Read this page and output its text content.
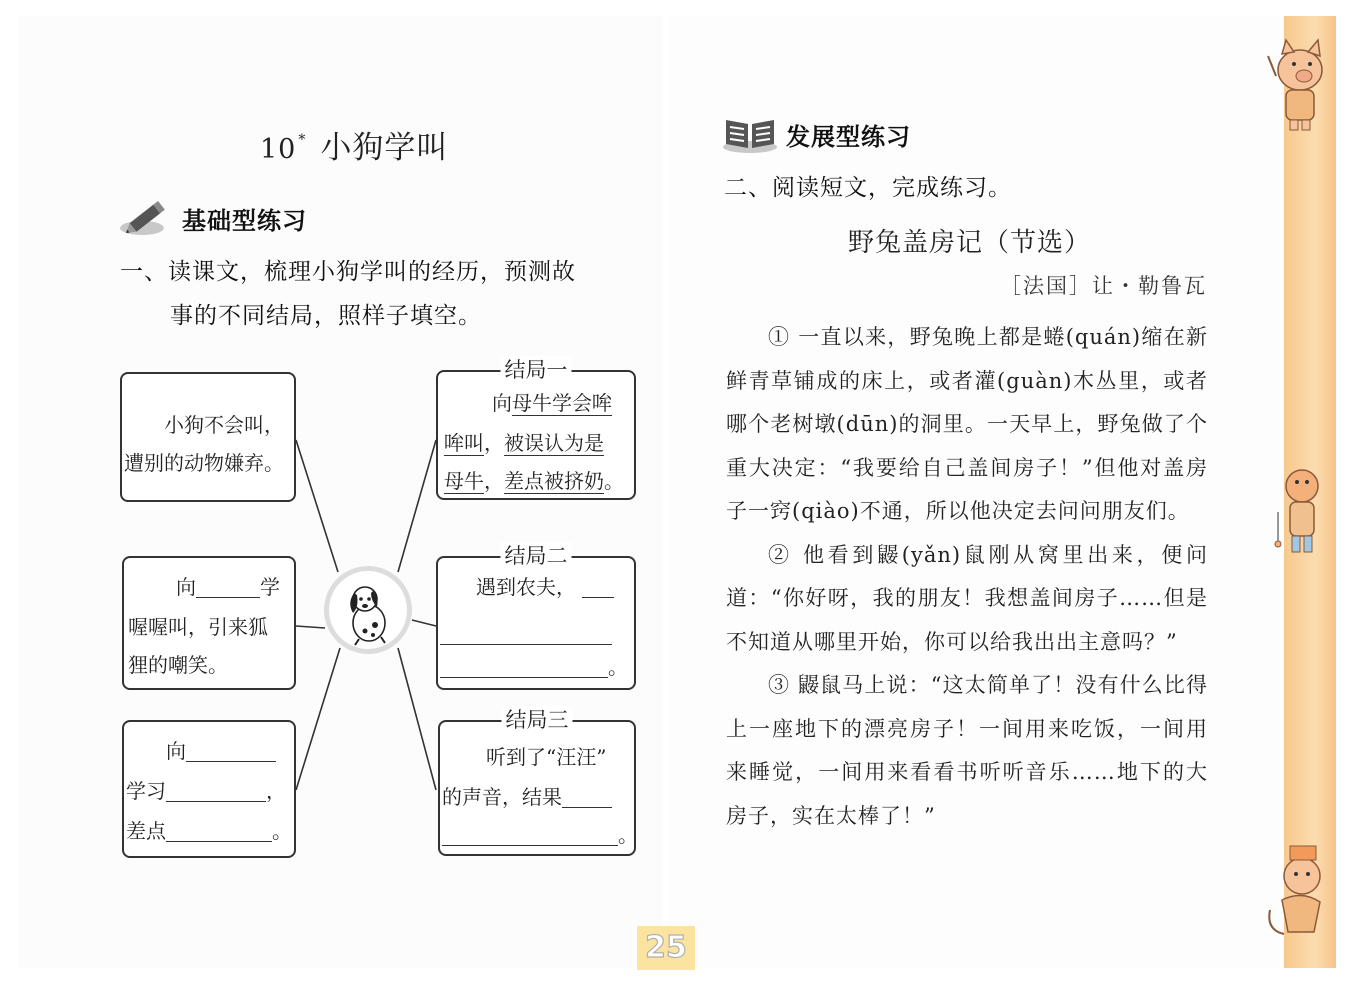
10 * 小狗学叫
基础型练习
一、读课文，梳理小狗学叫的经历，预测故
事的不同结局，照样子填空。
小狗不会叫，
遭别的动物嫌弃。
向	学
喔喔叫，引来狐
狸的嘲笑。
向
学习	，
差点	。
结局一
向母牛学会哞
哞叫，被误认为是
母牛，差点被挤奶。
结局二
遇到农夫，
。
结局三
听到了“汪汪”
的声音，结果
。
发展型练习
二、阅读短文，完成练习。
野兔盖房记（节选）
［法国］让・勒鲁瓦

① 一直以来，野兔晚上都是蜷(quán)缩在新鲜青草铺成的床上，或者灌(guàn)木丛里，或者哪个老树墩(dūn)的洞里。一天早上，野兔做了个重大决定：“我要给自己盖间房子！”但他对盖房子一窍(qiào)不通，所以他决定去问问朋友们。

② 他看到鼹(yǎn)鼠刚从窝里出来，便问道：“你好呀，我的朋友！我想盖间房子……但是不知道从哪里开始，你可以给我出出主意吗？”

③ 鼹鼠马上说：“这太简单了！没有什么比得上一座地下的漂亮房子！一间用来吃饭，一间用来睡觉，一间用来看看书听听音乐……地下的大房子，实在太棒了！”

25
